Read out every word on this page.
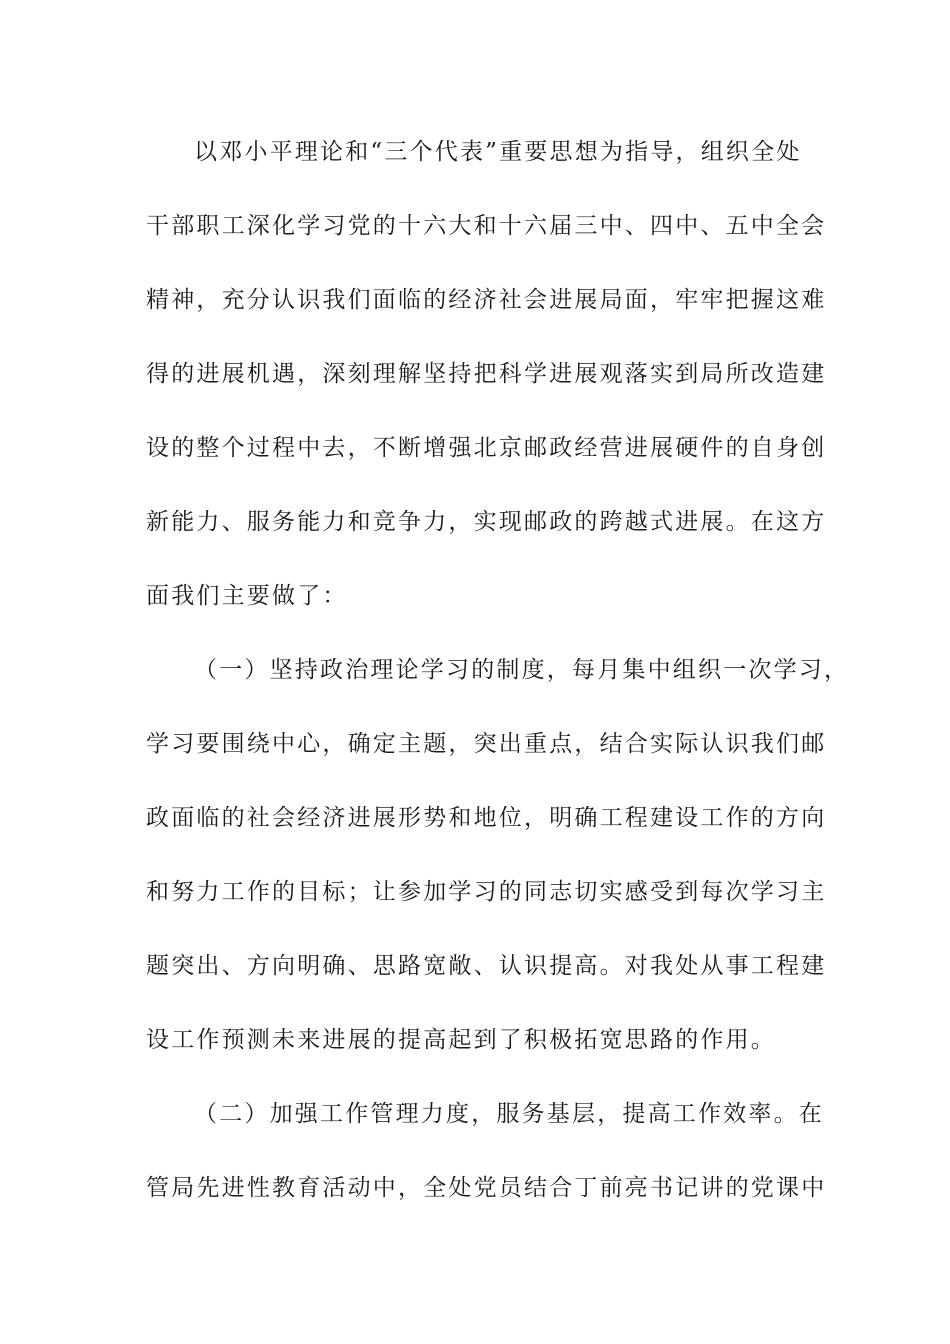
以邓小平理论和“三个代表”重要思想为指导，组织全处
干部职工深化学习党的十六大和十六届三中、四中、五中全会
精神，充分认识我们面临的经济社会进展局面，牢牢把握这难
得的进展机遇，深刻理解坚持把科学进展观落实到局所改造建
设的整个过程中去，不断增强北京邮政经营进展硬件的自身创
新能力、服务能力和竞争力，实现邮政的跨越式进展。在这方
面我们主要做了：
（一）坚持政治理论学习的制度，每月集中组织一次学习，
学习要围绕中心，确定主题，突出重点，结合实际认识我们邮
政面临的社会经济进展形势和地位，明确工程建设工作的方向
和努力工作的目标；让参加学习的同志切实感受到每次学习主
题突出、方向明确、思路宽敞、认识提高。对我处从事工程建
设工作预测未来进展的提高起到了积极拓宽思路的作用。
（二）加强工作管理力度，服务基层，提高工作效率。在
管局先进性教育活动中，全处党员结合丁前亮书记讲的党课中
